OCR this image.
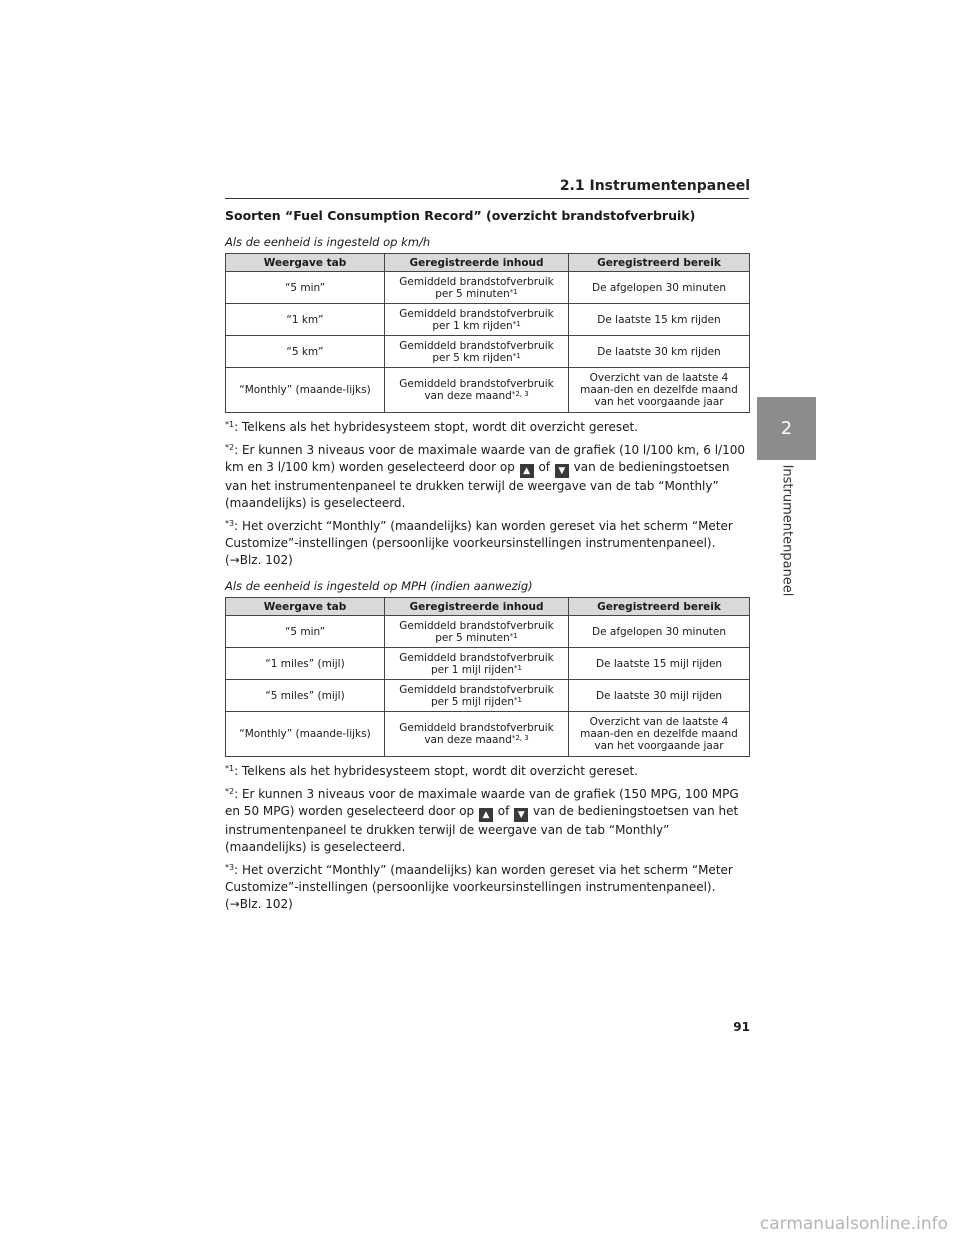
2.1 Instrumentenpaneel
2
Instrumentenpaneel

Soorten “Fuel Consumption Record” (overzicht brandstofverbruik)

Als de eenheid is ingesteld op km/h

Weergave tab	Geregistreerde inhoud	Geregistreerd bereik
“5 min”	Gemiddeld brandstofverbruik per 5 minuten$^{*1}$	De afgelopen 30 minuten
“1 km”	Gemiddeld brandstofverbruik per 1 km rijden$^{*1}$	De laatste 15 km rijden
“5 km”	Gemiddeld brandstofverbruik per 5 km rijden$^{*1}$	De laatste 30 km rijden
“Monthly” (maande-lijks)	Gemiddeld brandstofverbruik van deze maand$^{*2, 3}$	Overzicht van de laatste 4 maan-den en dezelfde maand van het voorgaande jaar

$^{*1}$: Telkens als het hybridesysteem stopt, wordt dit overzicht gereset.

$^{*2}$: Er kunnen 3 niveaus voor de maximale waarde van de grafiek (10 l/100 km, 6 l/100 km en 3 l/100 km) worden geselecteerd door op ▲ of ▼ van de bedieningstoetsen van het instrumentenpaneel te drukken terwijl de weergave van de tab “Monthly” (maandelijks) is geselecteerd.

$^{*3}$: Het overzicht “Monthly” (maandelijks) kan worden gereset via het scherm “Meter Customize”-instellingen (persoonlijke voorkeursinstellingen instrumentenpaneel).
(→Blz. 102)

Als de eenheid is ingesteld op MPH (indien aanwezig)

Weergave tab	Geregistreerde inhoud	Geregistreerd bereik
“5 min”	Gemiddeld brandstofverbruik per 5 minuten$^{*1}$	De afgelopen 30 minuten
“1 miles” (mijl)	Gemiddeld brandstofverbruik per 1 mijl rijden$^{*1}$	De laatste 15 mijl rijden
“5 miles” (mijl)	Gemiddeld brandstofverbruik per 5 mijl rijden$^{*1}$	De laatste 30 mijl rijden
“Monthly” (maande-lijks)	Gemiddeld brandstofverbruik van deze maand$^{*2, 3}$	Overzicht van de laatste 4 maan-den en dezelfde maand van het voorgaande jaar

$^{*1}$: Telkens als het hybridesysteem stopt, wordt dit overzicht gereset.

$^{*2}$: Er kunnen 3 niveaus voor de maximale waarde van de grafiek (150 MPG, 100 MPG en 50 MPG) worden geselecteerd door op ▲ of ▼ van de bedieningstoetsen van het instrumentenpaneel te drukken terwijl de weergave van de tab “Monthly” (maandelijks) is geselecteerd.

$^{*3}$: Het overzicht “Monthly” (maandelijks) kan worden gereset via het scherm “Meter Customize”-instellingen (persoonlijke voorkeursinstellingen instrumentenpaneel).
(→Blz. 102)

91
carmanualsonline.info
